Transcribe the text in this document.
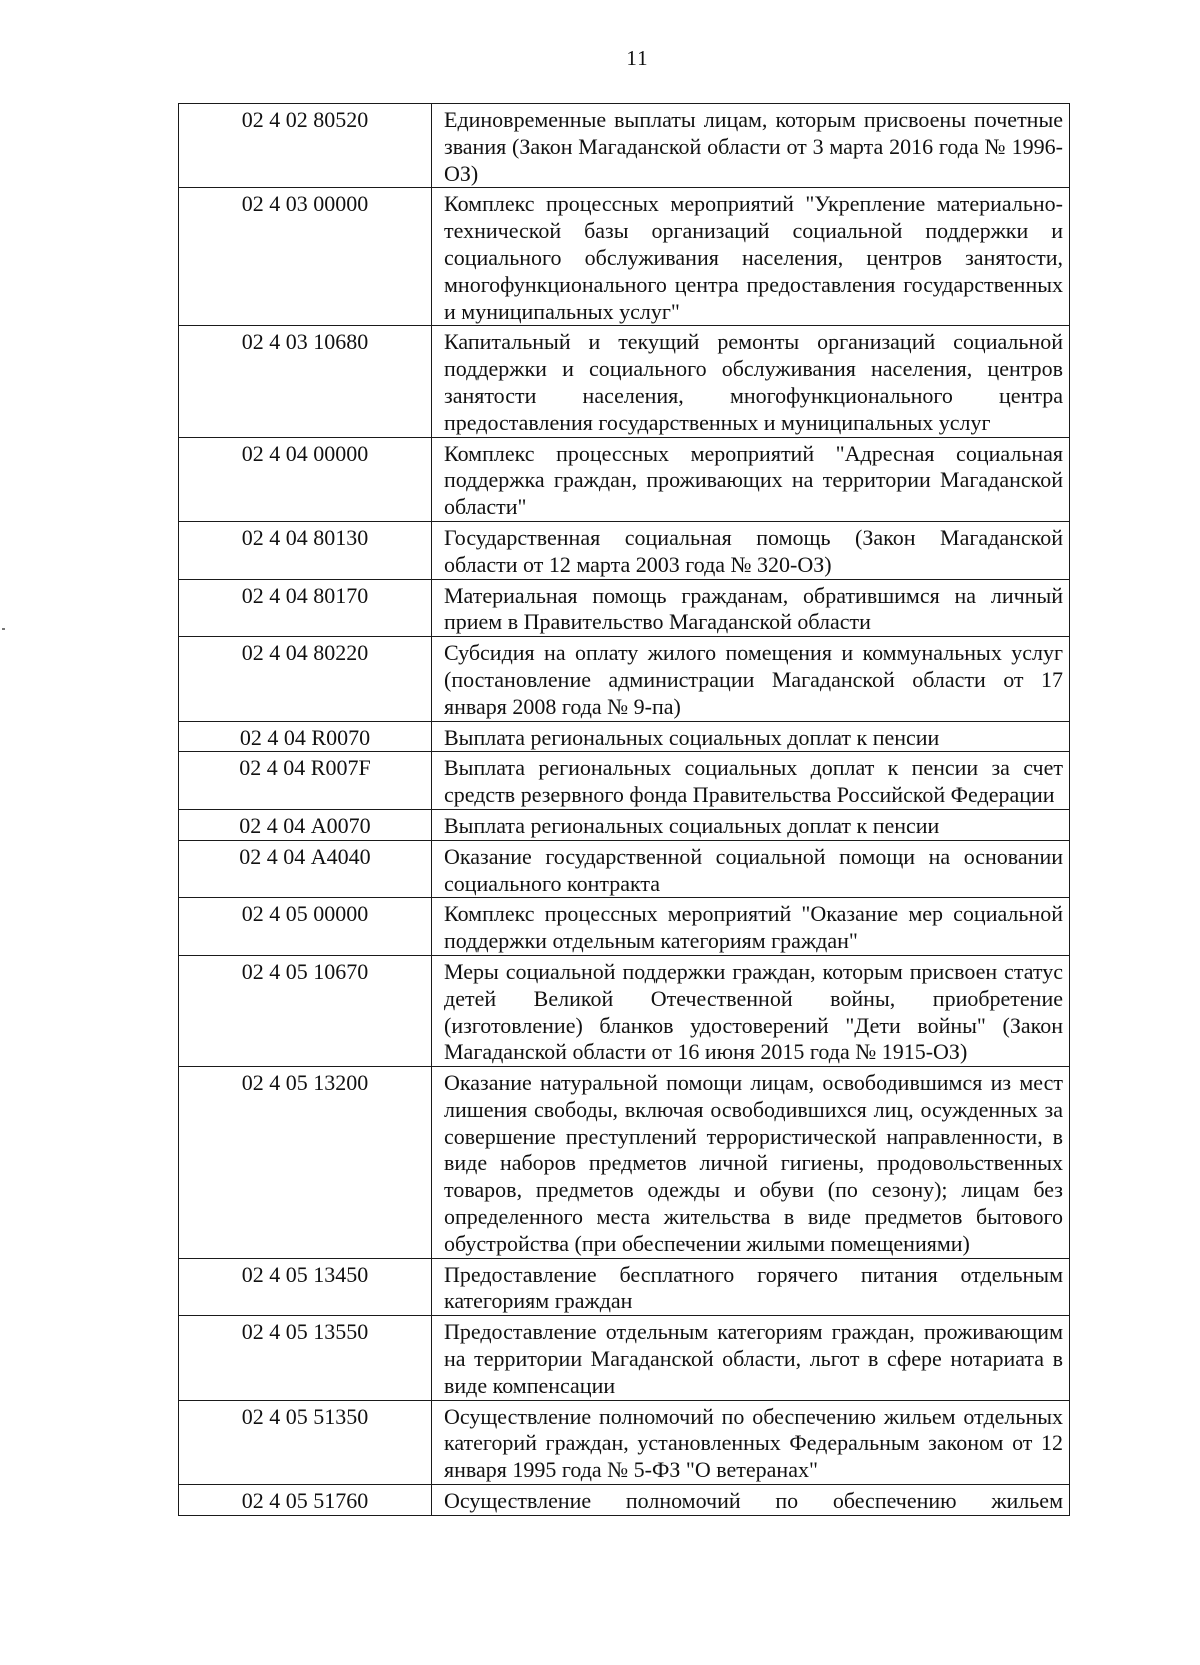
11
02 4 02 80520	Единовременные выплаты лицам, которым присвоены почетные звания (Закон Магаданской области от 3 марта 2016 года № 1996-ОЗ)
02 4 03 00000	Комплекс процессных мероприятий "Укрепление материально-технической базы организаций социальной поддержки и социального обслуживания населения, центров занятости, многофункционального центра предоставления государственных и муниципальных услуг"
02 4 03 10680	Капитальный и текущий ремонты организаций социальной поддержки и социального обслуживания населения, центров занятости населения, многофункционального центра предоставления государственных и муниципальных услуг
02 4 04 00000	Комплекс процессных мероприятий "Адресная социальная поддержка граждан, проживающих на территории Магаданской области"
02 4 04 80130	Государственная социальная помощь (Закон Магаданской области от 12 марта 2003 года № 320-ОЗ)
02 4 04 80170	Материальная помощь гражданам, обратившимся на личный прием в Правительство Магаданской области
02 4 04 80220	Субсидия на оплату жилого помещения и коммунальных услуг (постановление администрации Магаданской области от 17 января 2008 года № 9-па)
02 4 04 R0070	Выплата региональных социальных доплат к пенсии
02 4 04 R007F	Выплата региональных социальных доплат к пенсии за счет средств резервного фонда Правительства Российской Федерации
02 4 04 А0070	Выплата региональных социальных доплат к пенсии
02 4 04 А4040	Оказание государственной социальной помощи на основании социального контракта
02 4 05 00000	Комплекс процессных мероприятий "Оказание мер социальной поддержки отдельным категориям граждан"
02 4 05 10670	Меры социальной поддержки граждан, которым присвоен статус детей Великой Отечественной войны, приобретение (изготовление) бланков удостоверений "Дети войны" (Закон Магаданской области от 16 июня 2015 года № 1915-ОЗ)
02 4 05 13200	Оказание натуральной помощи лицам, освободившимся из мест лишения свободы, включая освободившихся лиц, осужденных за совершение преступлений террористической направленности, в виде наборов предметов личной гигиены, продовольственных товаров, предметов одежды и обуви (по сезону); лицам без определенного места жительства в виде предметов бытового обустройства (при обеспечении жилыми помещениями)
02 4 05 13450	Предоставление бесплатного горячего питания отдельным категориям граждан
02 4 05 13550	Предоставление отдельным категориям граждан, проживающим на территории Магаданской области, льгот в сфере нотариата в виде компенсации
02 4 05 51350	Осуществление полномочий по обеспечению жильем отдельных категорий граждан, установленных Федеральным законом от 12 января 1995 года № 5-ФЗ "О ветеранах"
02 4 05 51760	Осуществление полномочий по обеспечению жильем
